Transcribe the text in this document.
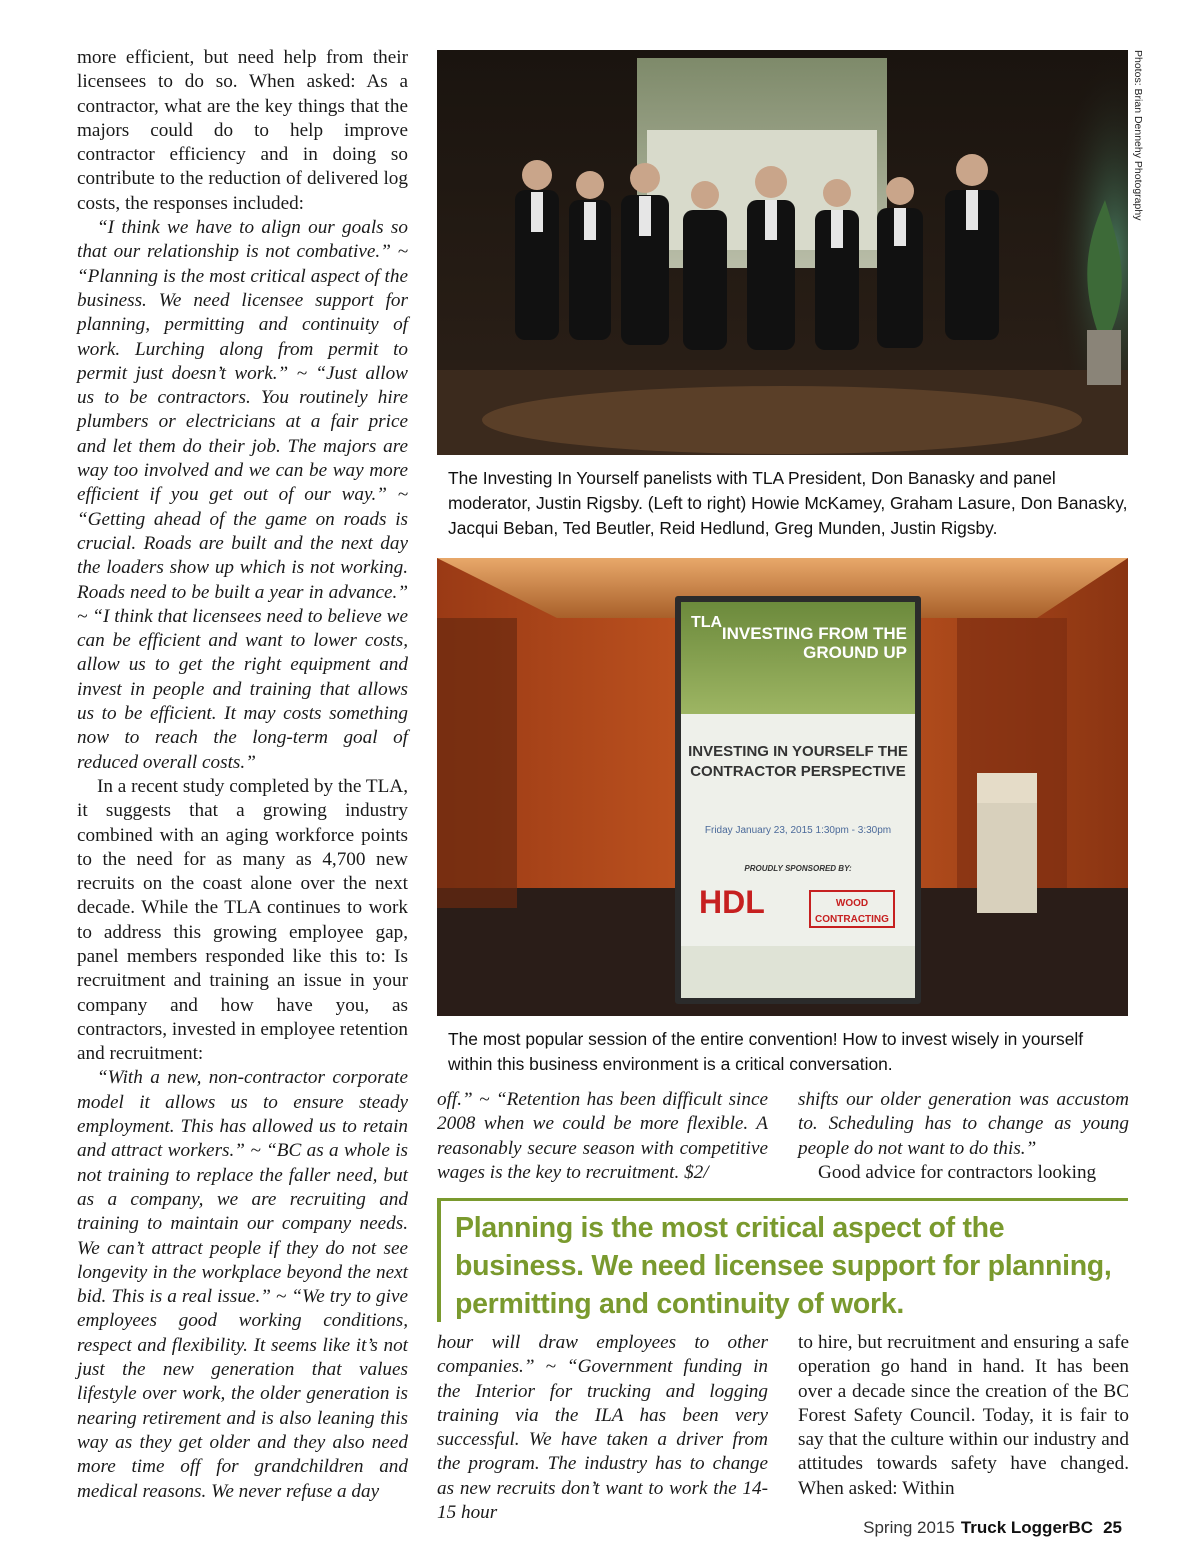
more efficient, but need help from their licensees to do so. When asked: As a contractor, what are the key things that the majors could do to help improve contractor efficiency and in doing so contribute to the reduction of delivered log costs, the responses included:

“I think we have to align our goals so that our relationship is not combative.” ~ “Planning is the most critical aspect of the business. We need licensee support for planning, permitting and continuity of work. Lurching along from permit to permit just doesn’t work.” ~ “Just allow us to be contractors. You routinely hire plumbers or electricians at a fair price and let them do their job. The majors are way too involved and we can be way more efficient if you get out of our way.” ~ “Getting ahead of the game on roads is crucial. Roads are built and the next day the loaders show up which is not working. Roads need to be built a year in advance.” ~ “I think that licensees need to believe we can be efficient and want to lower costs, allow us to get the right equipment and invest in people and training that allows us to be efficient. It may costs something now to reach the long-term goal of reduced overall costs.”

In a recent study completed by the TLA, it suggests that a growing industry combined with an aging workforce points to the need for as many as 4,700 new recruits on the coast alone over the next decade. While the TLA continues to work to address this growing employee gap, panel members responded like this to: Is recruitment and training an issue in your company and how have you, as contractors, invested in employee retention and recruitment:

“With a new, non-contractor corporate model it allows us to ensure steady employment. This has allowed us to retain and attract workers.” ~ “BC as a whole is not training to replace the faller need, but as a company, we are recruiting and training to maintain our company needs. We can’t attract people if they do not see longevity in the workplace beyond the next bid. This is a real issue.” ~ “We try to give employees good working conditions, respect and flexibility. It seems like it’s not just the new generation that values lifestyle over work, the older generation is nearing retirement and is also leaning this way as they get older and they also need more time off for grandchildren and medical reasons. We never refuse a day

Photos: Brian Dennehy Photography
The Investing In Yourself panelists with TLA President, Don Banasky and panel moderator, Justin Rigsby. (Left to right) Howie McKamey, Graham Lasure, Don Banasky, Jacqui Beban, Ted Beutler, Reid Hedlund, Greg Munden, Justin Rigsby.
TLA
INVESTING FROM THE GROUND UP
INVESTING IN YOURSELF THE CONTRACTOR PERSPECTIVE
Friday January 23, 2015 1:30pm - 3:30pm
PROUDLY SPONSORED BY:
HDL	WOOD CONTRACTING
The most popular session of the entire convention! How to invest wisely in yourself within this business environment is a critical conversation.

off.” ~ “Retention has been difficult since 2008 when we could be more flexible. A reasonably secure season with competitive wages is the key to recruitment. $2/

shifts our older generation was accustom to. Scheduling has to change as young people do not want to do this.”

Good advice for contractors looking

Planning is the most critical aspect of the business. We need licensee support for planning, permitting and continuity of work.

hour will draw employees to other companies.” ~ “Government funding in the Interior for trucking and logging training via the ILA has been very successful. We have taken a driver from the program. The industry has to change as new recruits don’t want to work the 14-15 hour

to hire, but recruitment and ensuring a safe operation go hand in hand. It has been over a decade since the creation of the BC Forest Safety Council. Today, it is fair to say that the culture within our industry and attitudes towards safety have changed. When asked: Within

Spring 2015 Truck LoggerBC 25
